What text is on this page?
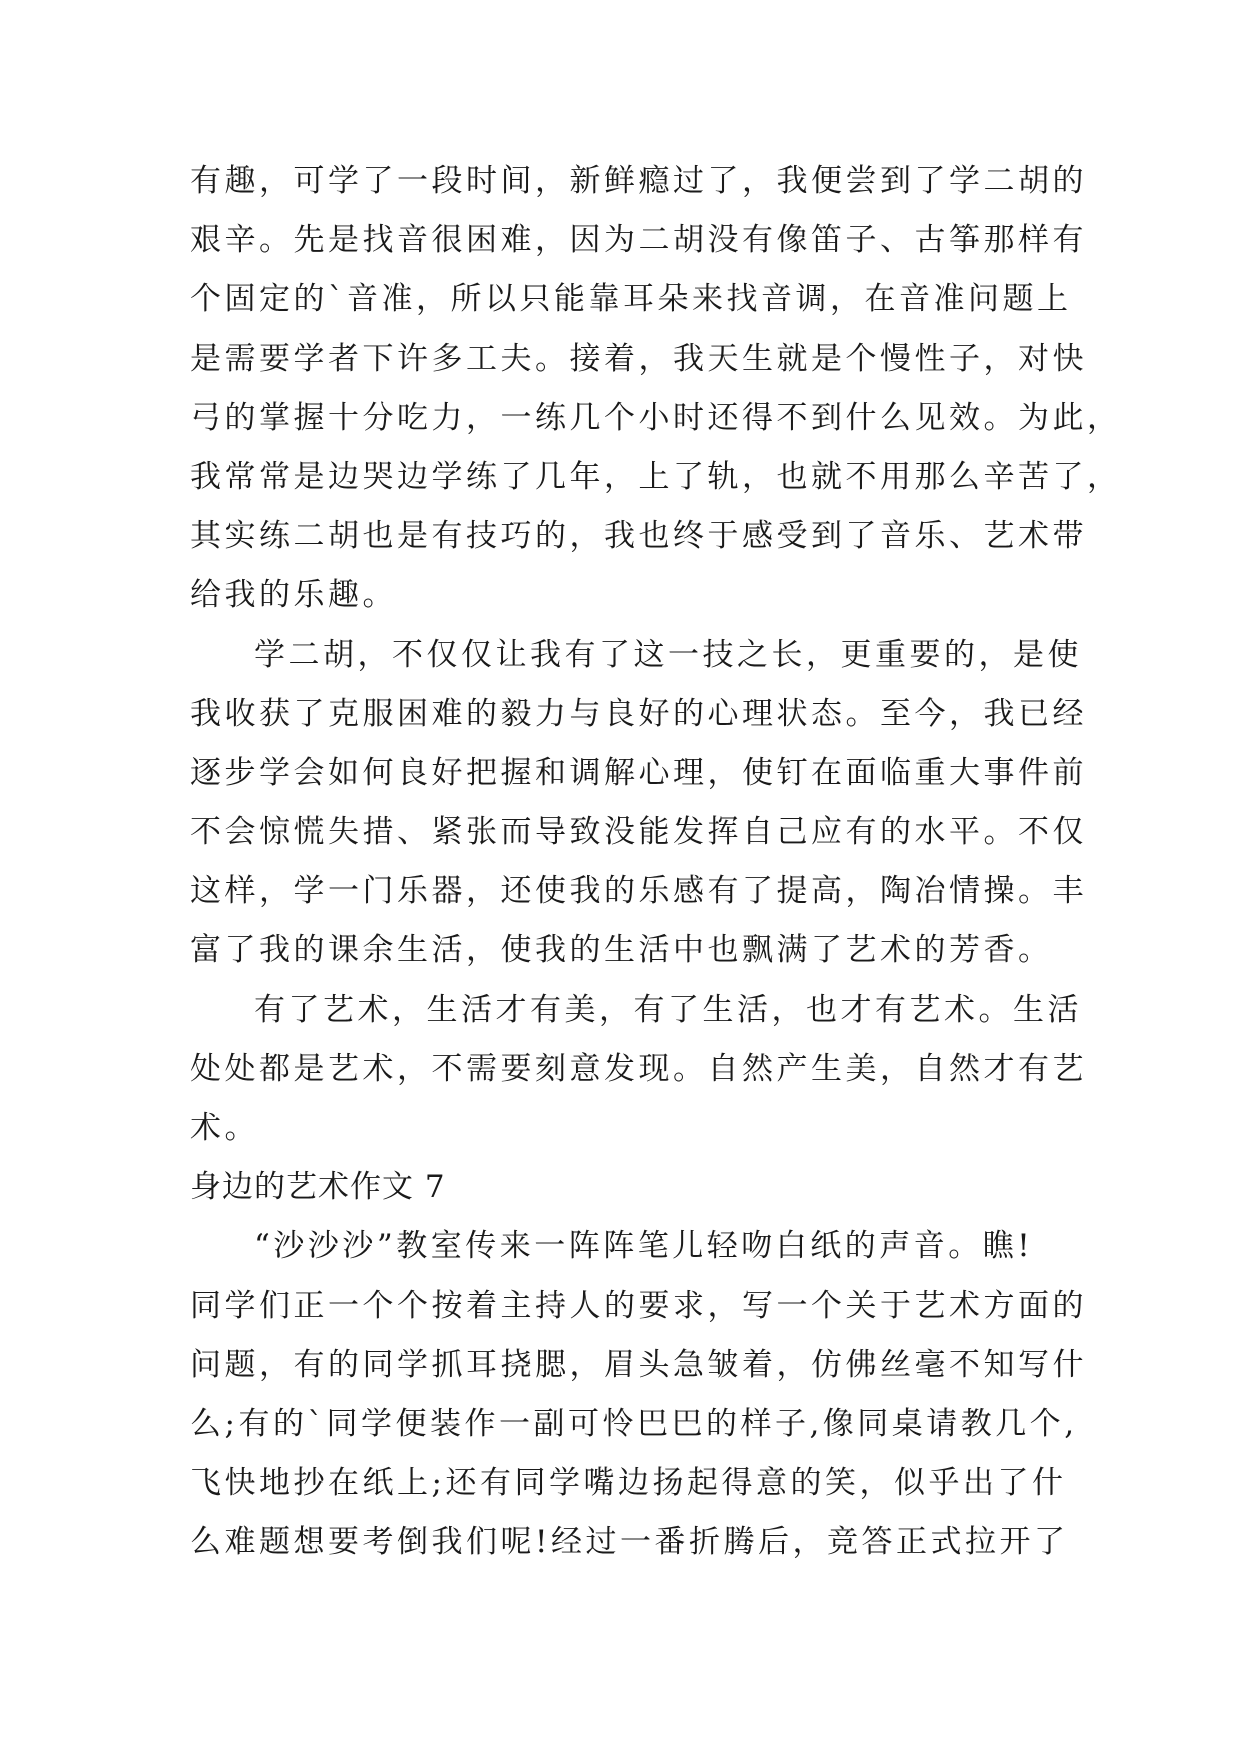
有趣，可学了一段时间，新鲜瘾过了，我便尝到了学二胡的
艰辛。先是找音很困难，因为二胡没有像笛子、古筝那样有
个固定的`音准，所以只能靠耳朵来找音调，在音准问题上
是需要学者下许多工夫。接着，我天生就是个慢性子，对快
弓的掌握十分吃力，一练几个小时还得不到什么见效。为此，
我常常是边哭边学练了几年，上了轨，也就不用那么辛苦了，
其实练二胡也是有技巧的，我也终于感受到了音乐、艺术带
给我的乐趣。
学二胡，不仅仅让我有了这一技之长，更重要的，是使
我收获了克服困难的毅力与良好的心理状态。至今，我已经
逐步学会如何良好把握和调解心理，使钉在面临重大事件前
不会惊慌失措、紧张而导致没能发挥自己应有的水平。不仅
这样，学一门乐器，还使我的乐感有了提高，陶冶情操。丰
富了我的课余生活，使我的生活中也飘满了艺术的芳香。
有了艺术，生活才有美，有了生活，也才有艺术。生活
处处都是艺术，不需要刻意发现。自然产生美，自然才有艺
术。
身边的艺术作文 7
“沙沙沙”教室传来一阵阵笔儿轻吻白纸的声音。瞧!
同学们正一个个按着主持人的要求，写一个关于艺术方面的
问题，有的同学抓耳挠腮，眉头急皱着，仿佛丝毫不知写什
么;有的`同学便装作一副可怜巴巴的样子,像同桌请教几个,
飞快地抄在纸上;还有同学嘴边扬起得意的笑，似乎出了什
么难题想要考倒我们呢!经过一番折腾后，竞答正式拉开了
